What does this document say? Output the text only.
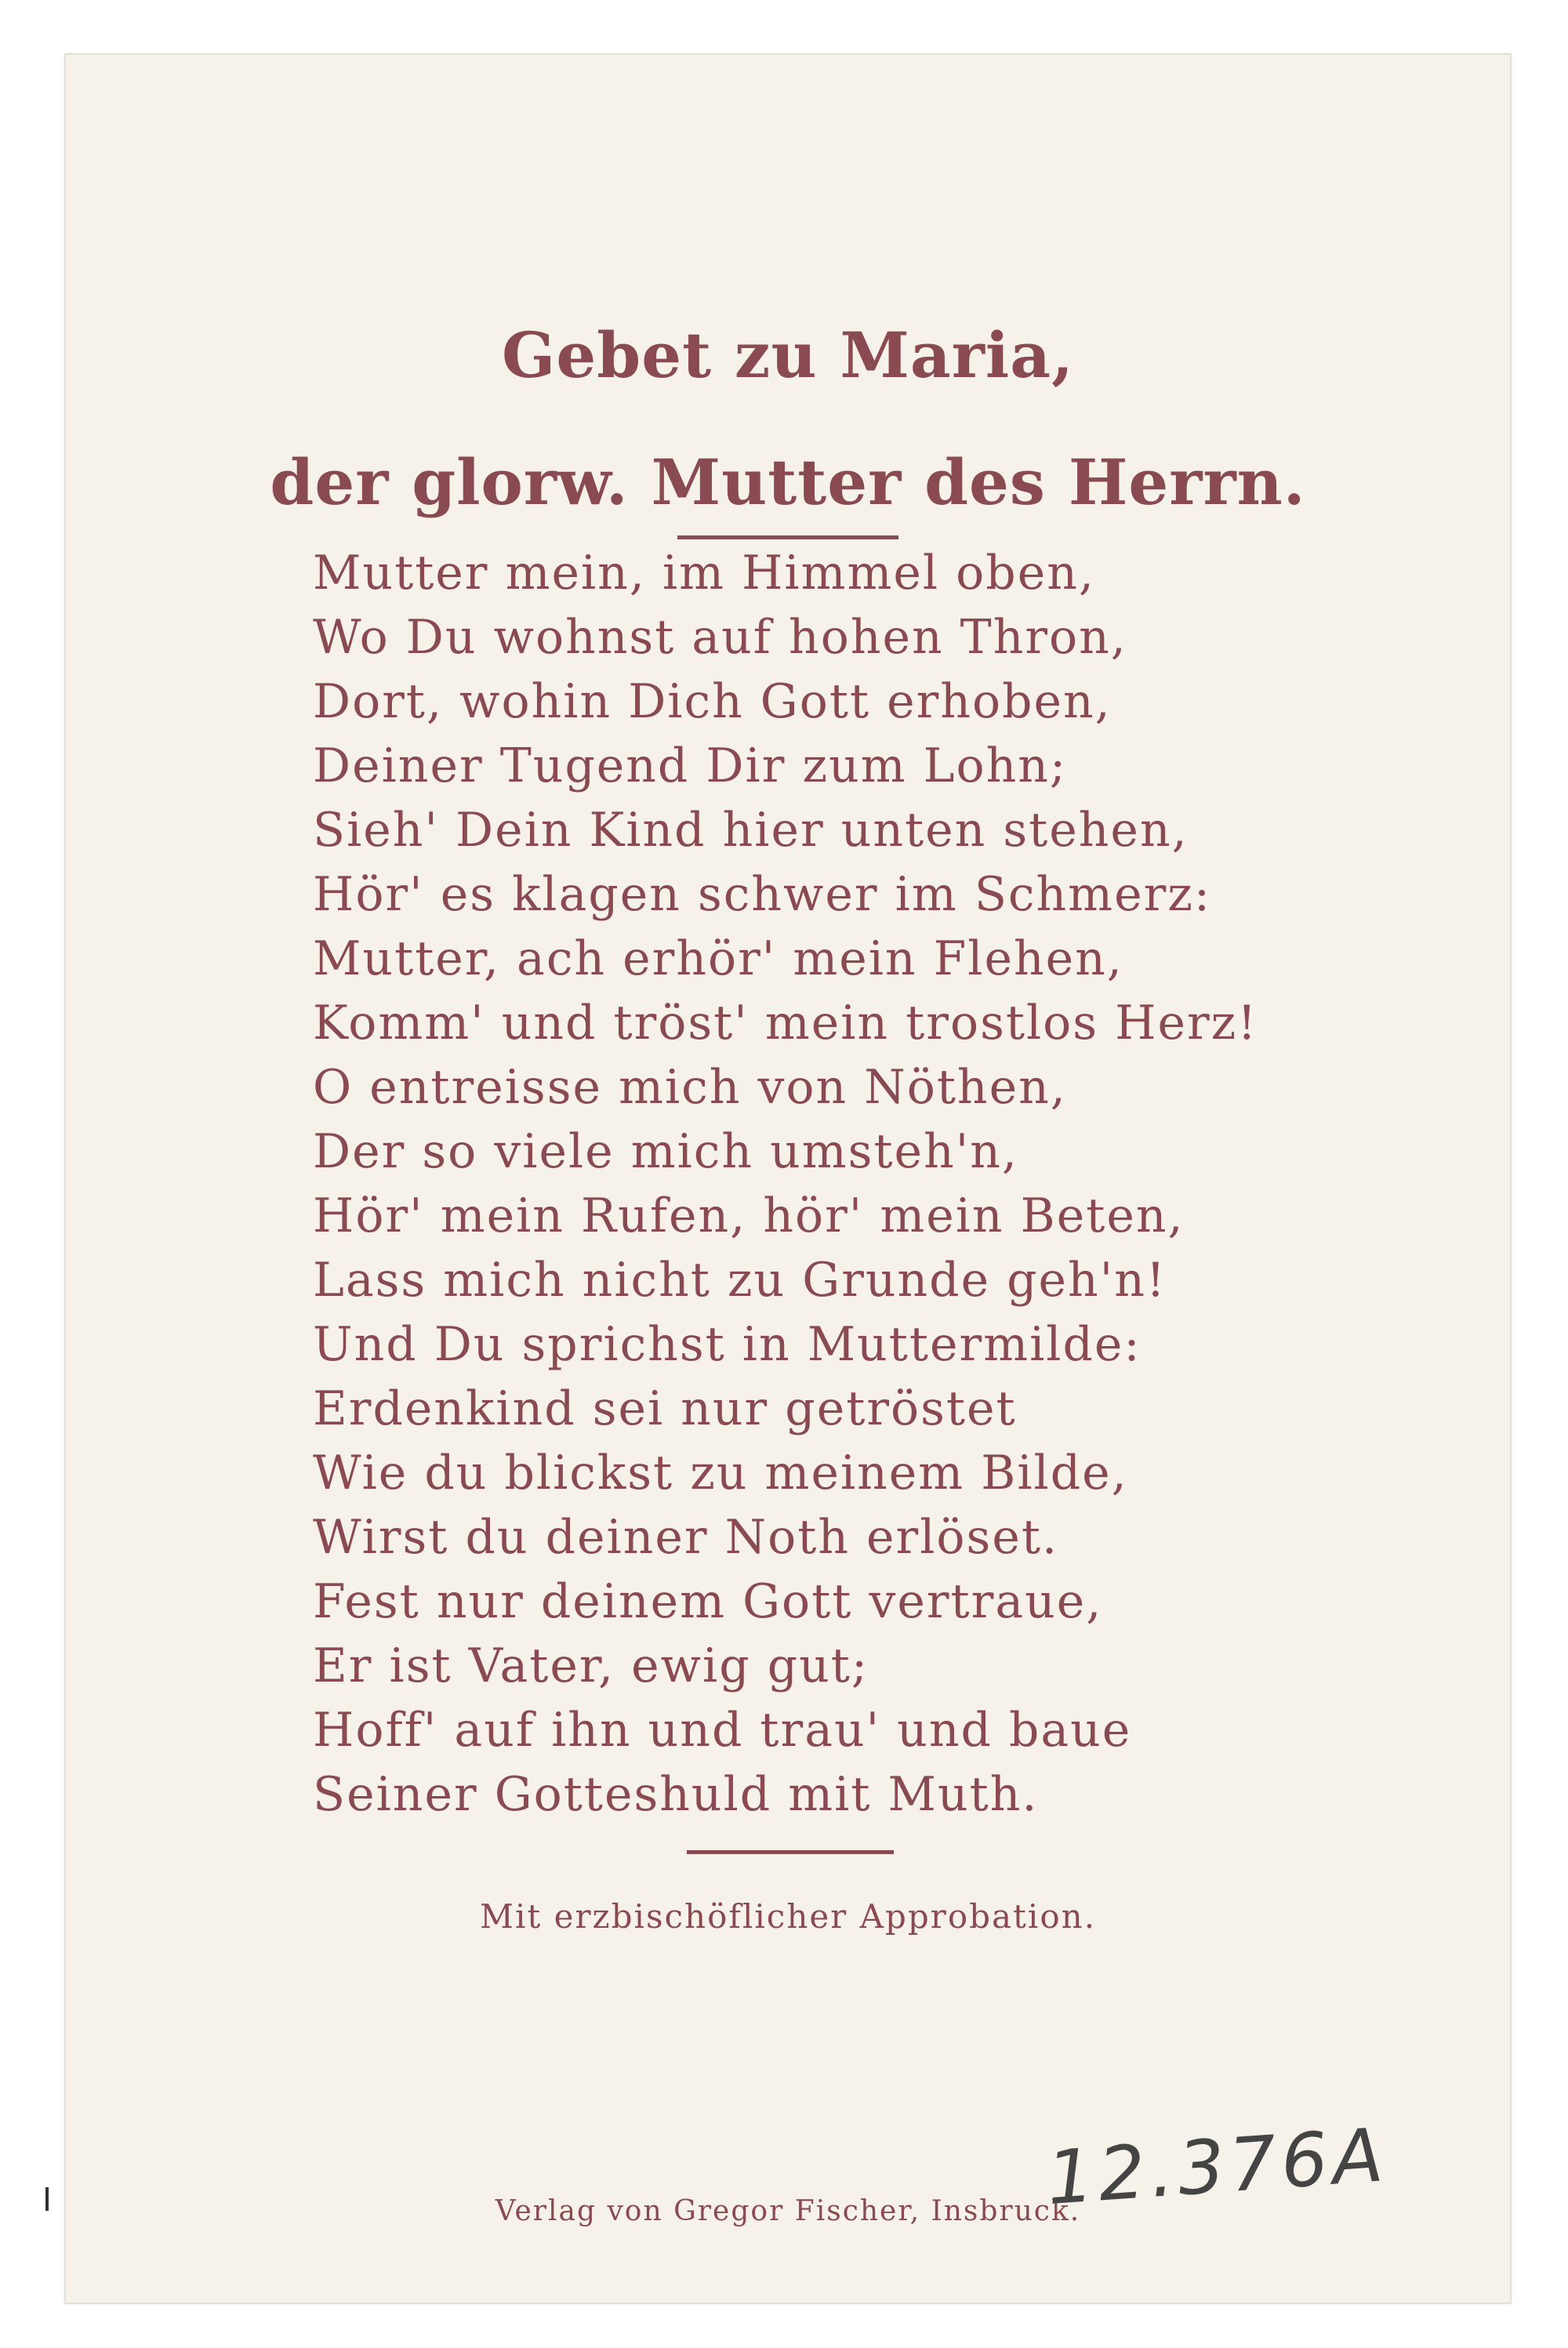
Gebet zu Maria,
der glorw. Mutter des Herrn.
Mutter mein, im Himmel oben,
Wo Du wohnst auf hohen Thron,
Dort, wohin Dich Gott erhoben,
Deiner Tugend Dir zum Lohn;
Sieh' Dein Kind hier unten stehen,
Hör' es klagen schwer im Schmerz:
Mutter, ach erhör' mein Flehen,
Komm' und tröst' mein trostlos Herz!
O entreisse mich von Nöthen,
Der so viele mich umsteh'n,
Hör' mein Rufen, hör' mein Beten,
Lass mich nicht zu Grunde geh'n!
Und Du sprichst in Muttermilde:
Erdenkind sei nur getröstet
Wie du blickst zu meinem Bilde,
Wirst du deiner Noth erlöset.
Fest nur deinem Gott vertraue,
Er ist Vater, ewig gut;
Hoff' auf ihn und trau' und baue
Seiner Gotteshuld mit Muth.
Mit erzbischöflicher Approbation.
Verlag von Gregor Fischer, Insbruck.
12.376A
